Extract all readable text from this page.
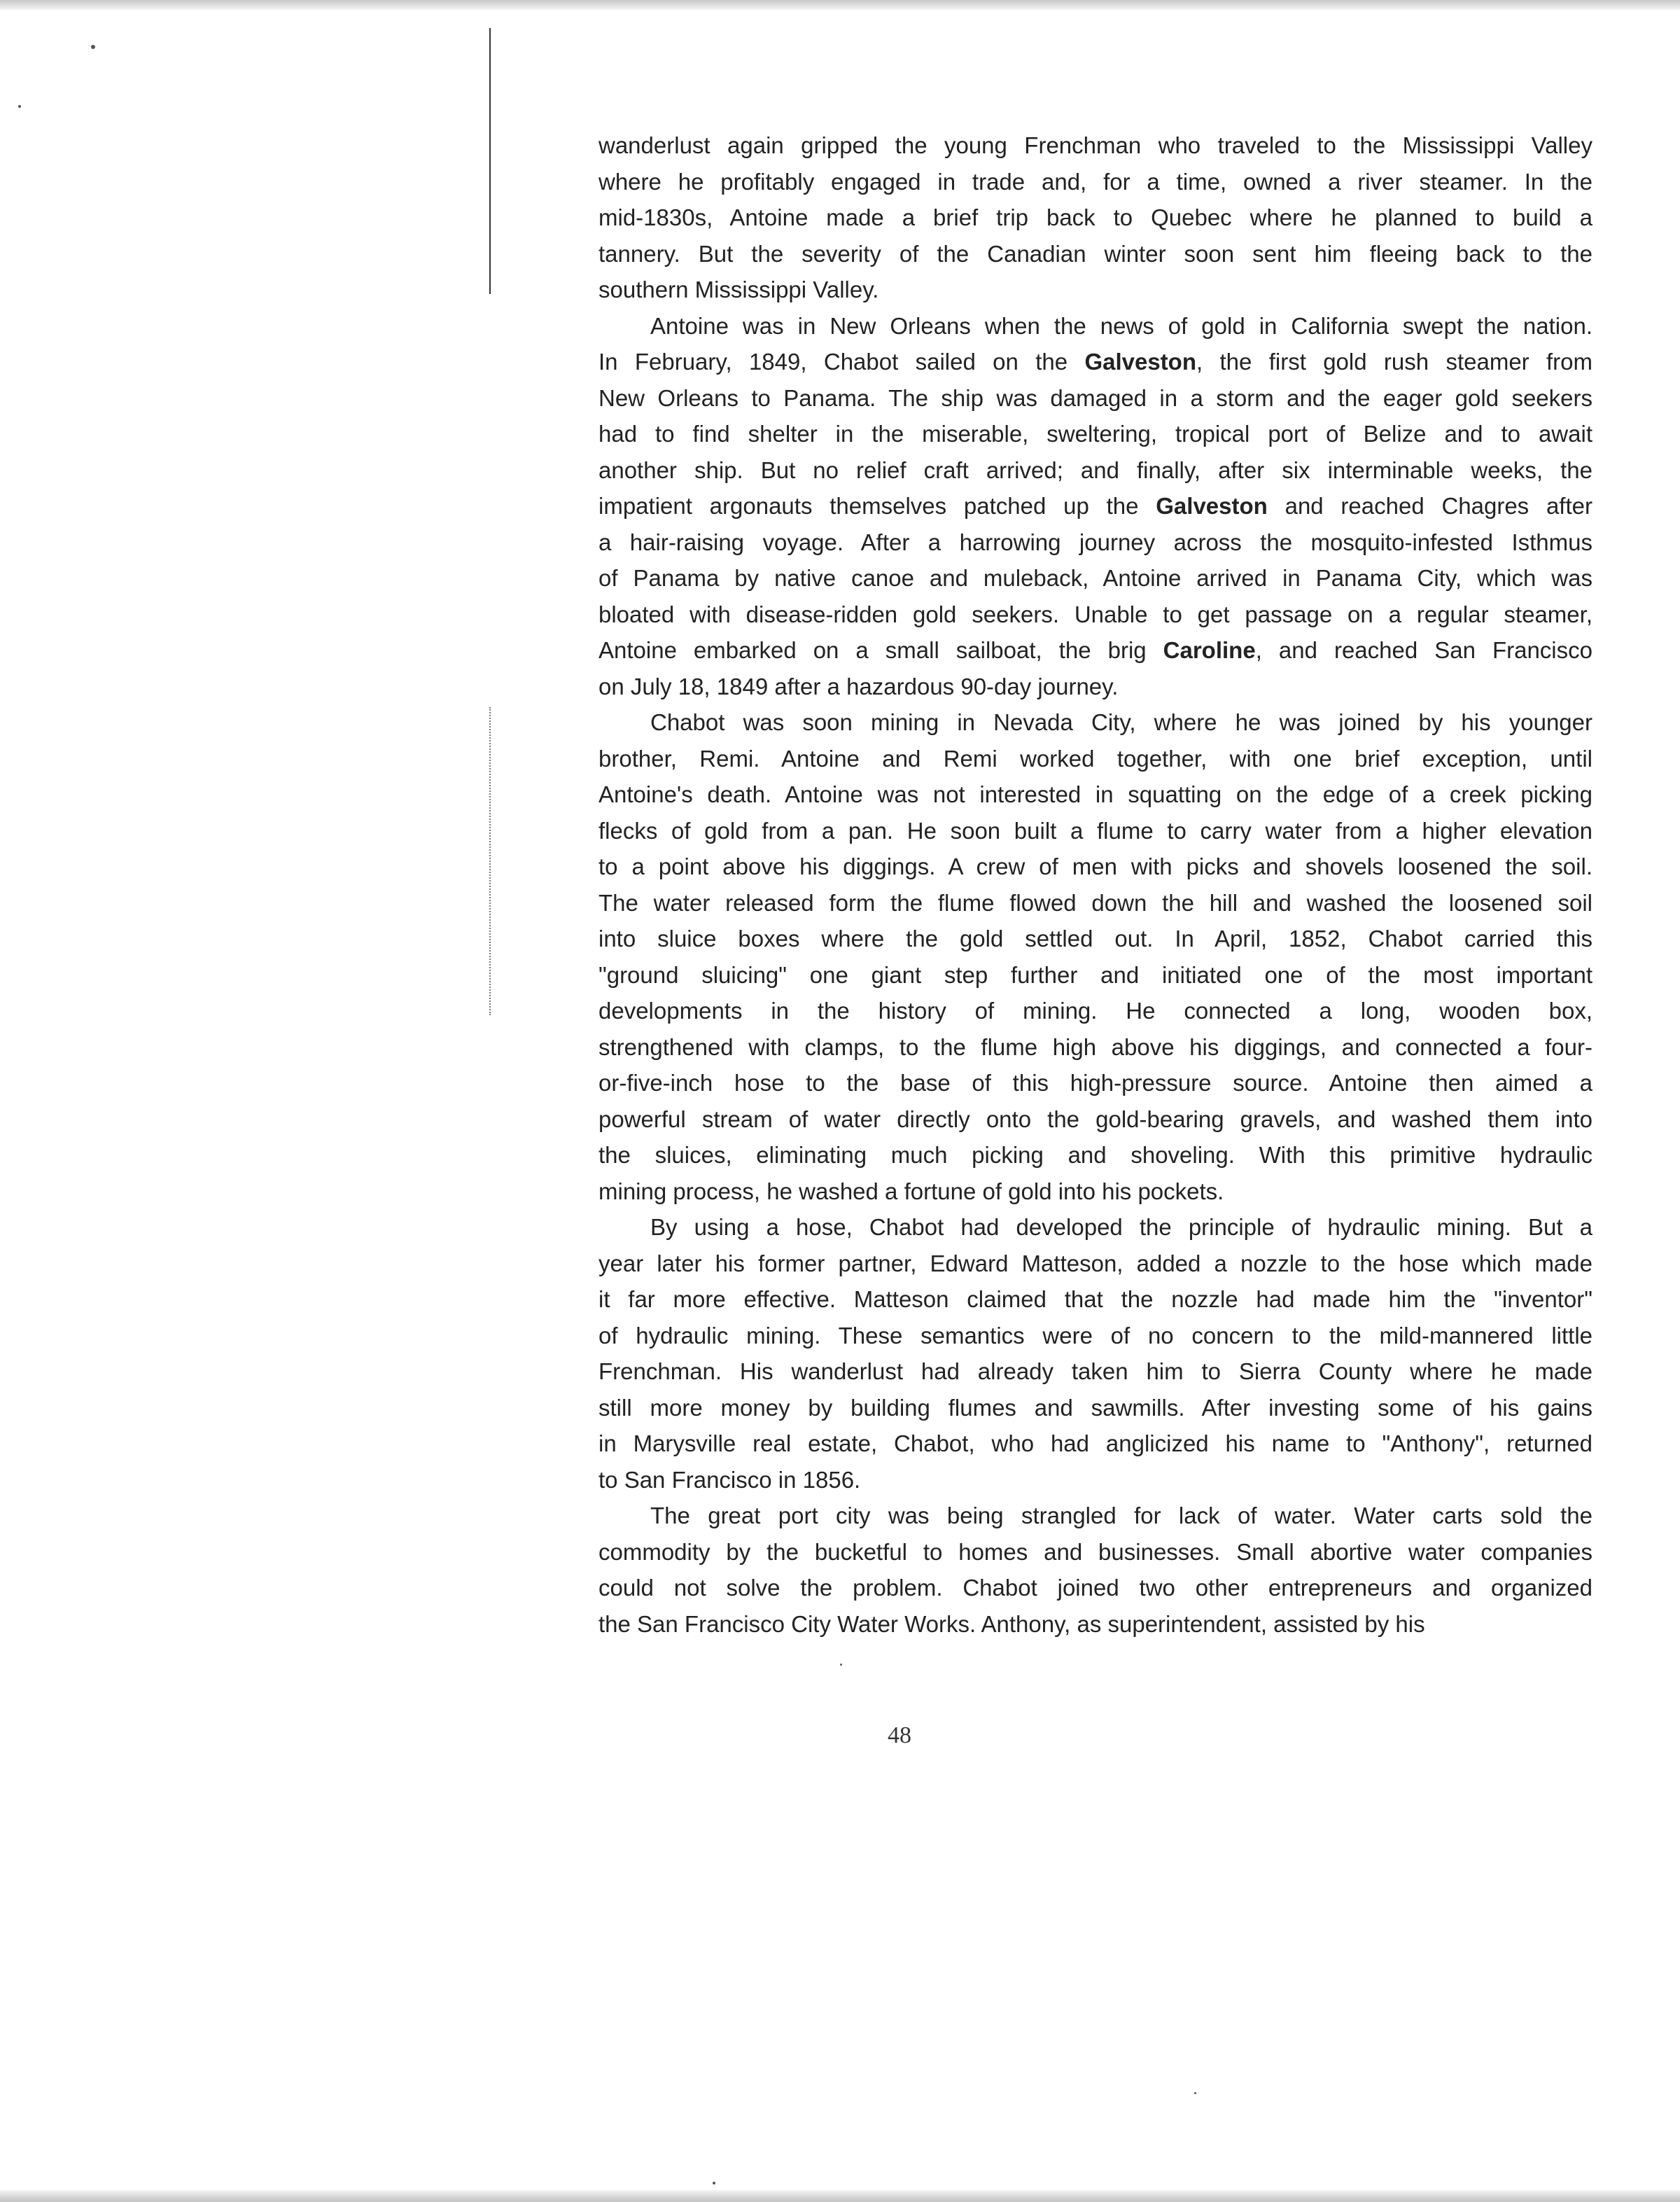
wanderlust again gripped the young Frenchman who traveled to the Mississippi Valley
where he profitably engaged in trade and, for a time, owned a river steamer. In the
mid-1830s, Antoine made a brief trip back to Quebec where he planned to build a
tannery. But the severity of the Canadian winter soon sent him fleeing back to the
southern Mississippi Valley.
Antoine was in New Orleans when the news of gold in California swept the nation.
In February, 1849, Chabot sailed on the Galveston, the first gold rush steamer from
New Orleans to Panama. The ship was damaged in a storm and the eager gold seekers
had to find shelter in the miserable, sweltering, tropical port of Belize and to await
another ship. But no relief craft arrived; and finally, after six interminable weeks, the
impatient argonauts themselves patched up the Galveston and reached Chagres after
a hair-raising voyage. After a harrowing journey across the mosquito-infested Isthmus
of Panama by native canoe and muleback, Antoine arrived in Panama City, which was
bloated with disease-ridden gold seekers. Unable to get passage on a regular steamer,
Antoine embarked on a small sailboat, the brig Caroline, and reached San Francisco
on July 18, 1849 after a hazardous 90-day journey.
Chabot was soon mining in Nevada City, where he was joined by his younger
brother, Remi. Antoine and Remi worked together, with one brief exception, until
Antoine's death. Antoine was not interested in squatting on the edge of a creek picking
flecks of gold from a pan. He soon built a flume to carry water from a higher elevation
to a point above his diggings. A crew of men with picks and shovels loosened the soil.
The water released form the flume flowed down the hill and washed the loosened soil
into sluice boxes where the gold settled out. In April, 1852, Chabot carried this
"ground sluicing" one giant step further and initiated one of the most important
developments in the history of mining. He connected a long, wooden box,
strengthened with clamps, to the flume high above his diggings, and connected a four-
or-five-inch hose to the base of this high-pressure source. Antoine then aimed a
powerful stream of water directly onto the gold-bearing gravels, and washed them into
the sluices, eliminating much picking and shoveling. With this primitive hydraulic
mining process, he washed a fortune of gold into his pockets.
By using a hose, Chabot had developed the principle of hydraulic mining. But a
year later his former partner, Edward Matteson, added a nozzle to the hose which made
it far more effective. Matteson claimed that the nozzle had made him the "inventor"
of hydraulic mining. These semantics were of no concern to the mild-mannered little
Frenchman. His wanderlust had already taken him to Sierra County where he made
still more money by building flumes and sawmills. After investing some of his gains
in Marysville real estate, Chabot, who had anglicized his name to "Anthony", returned
to San Francisco in 1856.
The great port city was being strangled for lack of water. Water carts sold the
commodity by the bucketful to homes and businesses. Small abortive water companies
could not solve the problem. Chabot joined two other entrepreneurs and organized
the San Francisco City Water Works. Anthony, as superintendent, assisted by his
48
